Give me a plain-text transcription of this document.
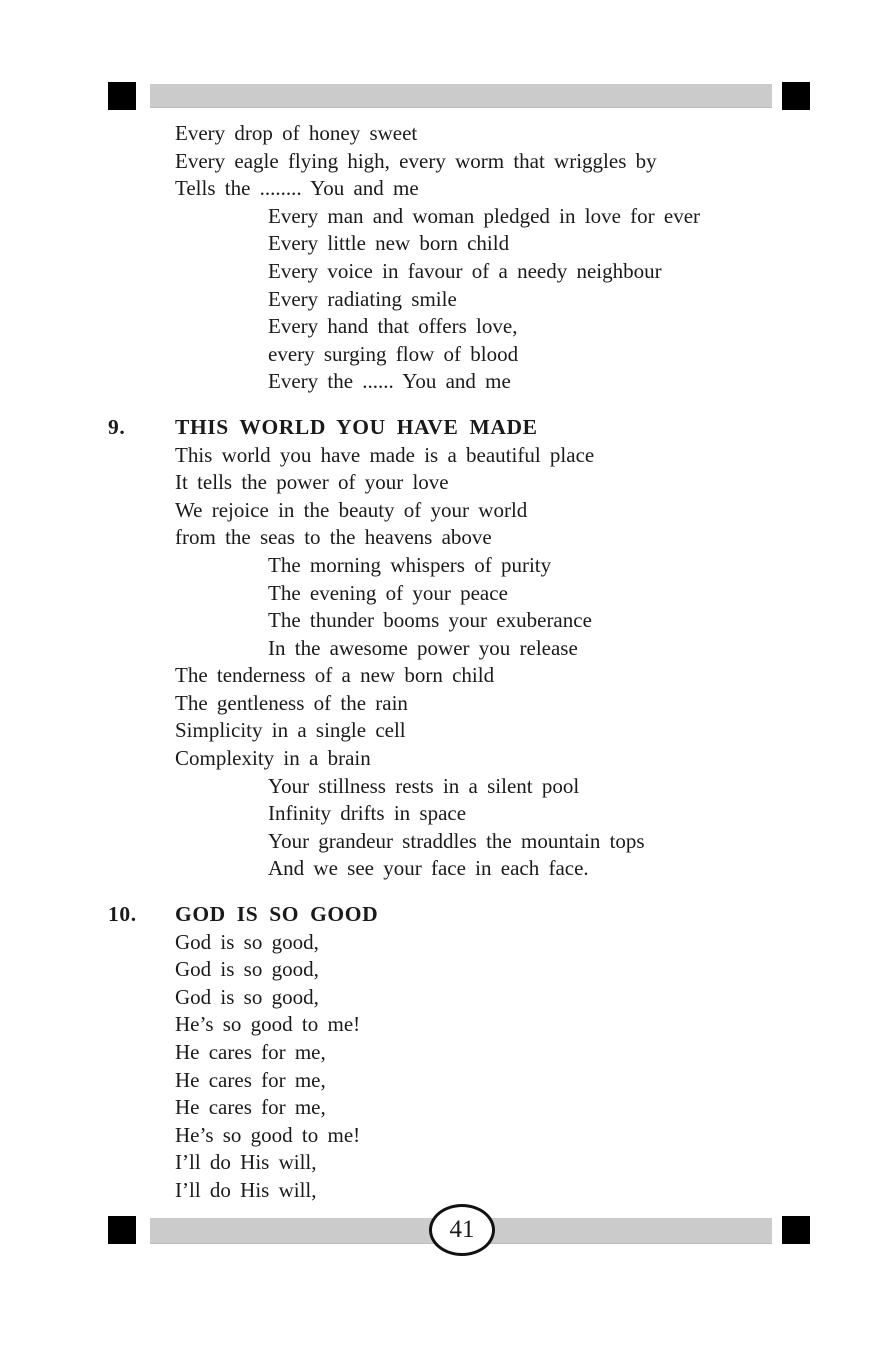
Every drop of honey sweet
Every eagle flying high, every worm that wriggles by
Tells the ........ You and me
Every man and woman pledged in love for ever
Every little new born child
Every voice in favour of a needy neighbour
Every radiating smile
Every hand that offers love,
every surging flow of blood
Every the ...... You and me
9. THIS WORLD YOU HAVE MADE
This world you have made is a beautiful place
It tells the power of your love
We rejoice in the beauty of your world
from the seas to the heavens above
The morning whispers of purity
The evening of your peace
The thunder booms your exuberance
In the awesome power you release
The tenderness of a new born child
The gentleness of the rain
Simplicity in a single cell
Complexity in a brain
Your stillness rests in a silent pool
Infinity drifts in space
Your grandeur straddles the mountain tops
And we see your face in each face.
10. GOD IS SO GOOD
God is so good,
God is so good,
God is so good,
He’s so good to me!
He cares for me,
He cares for me,
He cares for me,
He’s so good to me!
I’ll do His will,
I’ll do His will,
41
